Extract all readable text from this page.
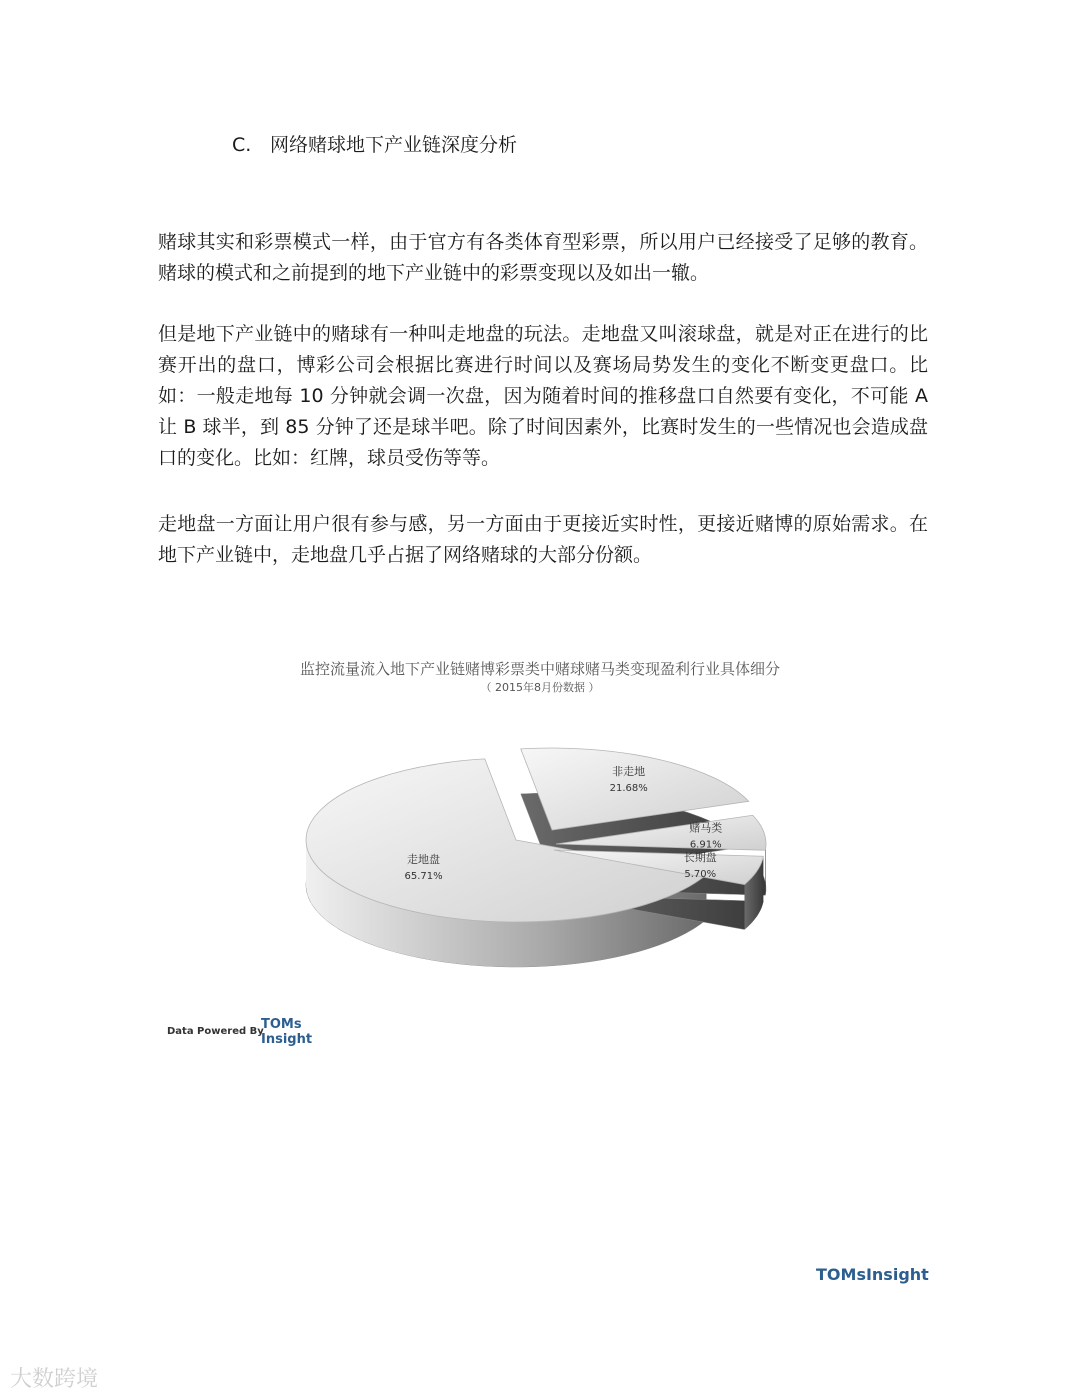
C. 网络赌球地下产业链深度分析

赌球其实和彩票模式一样，由于官方有各类体育型彩票，所以用户已经接受了足够的教育。赌球的模式和之前提到的地下产业链中的彩票变现以及如出一辙。

但是地下产业链中的赌球有一种叫走地盘的玩法。走地盘又叫滚球盘，就是对正在进行的比赛开出的盘口，博彩公司会根据比赛进行时间以及赛场局势发生的变化不断变更盘口。比如：一般走地每 10 分钟就会调一次盘，因为随着时间的推移盘口自然要有变化，不可能 A 让 B 球半，到 85 分钟了还是球半吧。除了时间因素外，比赛时发生的一些情况也会造成盘口的变化。比如：红牌，球员受伤等等。

走地盘一方面让用户很有参与感，另一方面由于更接近实时性，更接近赌博的原始需求。在地下产业链中，走地盘几乎占据了网络赌球的大部分份额。

监控流量流入地下产业链赌博彩票类中赌球赌马类变现盈利行业具体细分
（ 2015年8月份数据 ）
走地盘
65.71%
非走地
21.68%
赌马类
6.91%
长期盘
5.70%
Data Powered By
TOMs
Insight
TOMsInsight
大数跨境
